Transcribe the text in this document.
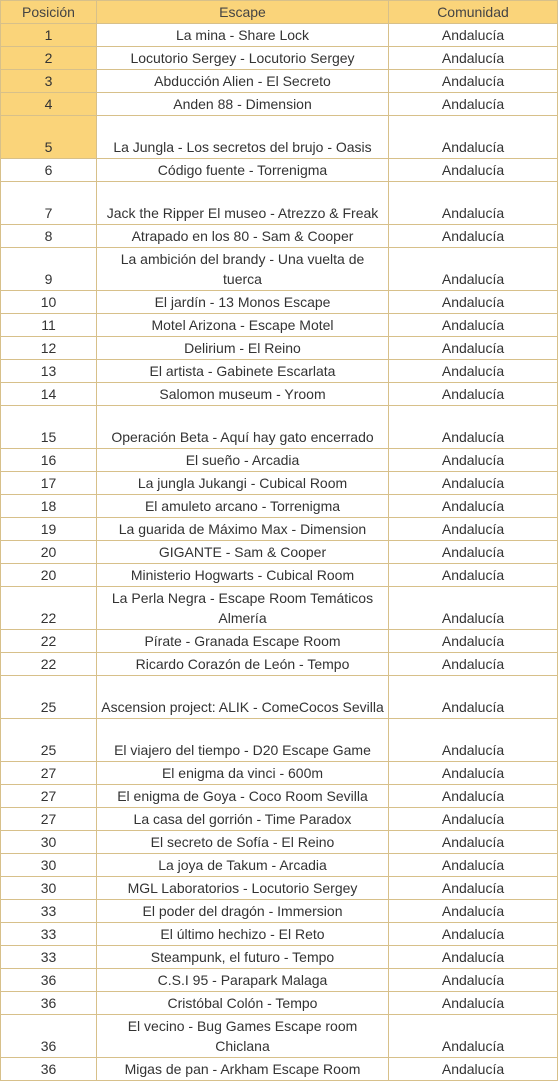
Posición	Escape	Comunidad
1	La mina - Share Lock	Andalucía
2	Locutorio Sergey - Locutorio Sergey	Andalucía
3	Abducción Alien - El Secreto	Andalucía
4	Anden 88 - Dimension	Andalucía
5	La Jungla - Los secretos del brujo - Oasis	Andalucía
6	Código fuente - Torrenigma	Andalucía
7	Jack the Ripper El museo - Atrezzo & Freak	Andalucía
8	Atrapado en los 80 - Sam & Cooper	Andalucía
9	La ambición del brandy - Una vuelta de tuerca	Andalucía
10	El jardín - 13 Monos Escape	Andalucía
11	Motel Arizona - Escape Motel	Andalucía
12	Delirium - El Reino	Andalucía
13	El artista - Gabinete Escarlata	Andalucía
14	Salomon museum - Yroom	Andalucía
15	Operación Beta - Aquí hay gato encerrado	Andalucía
16	El sueño - Arcadia	Andalucía
17	La jungla Jukangi - Cubical Room	Andalucía
18	El amuleto arcano - Torrenigma	Andalucía
19	La guarida de Máximo Max - Dimension	Andalucía
20	GIGANTE - Sam & Cooper	Andalucía
20	Ministerio Hogwarts - Cubical Room	Andalucía
22	La Perla Negra - Escape Room Temáticos Almería	Andalucía
22	Pírate - Granada Escape Room	Andalucía
22	Ricardo Corazón de León - Tempo	Andalucía
25	Ascension project: ALIK - ComeCocos Sevilla	Andalucía
25	El viajero del tiempo - D20 Escape Game	Andalucía
27	El enigma da vinci - 600m	Andalucía
27	El enigma de Goya - Coco Room Sevilla	Andalucía
27	La casa del gorrión - Time Paradox	Andalucía
30	El secreto de Sofía - El Reino	Andalucía
30	La joya de Takum - Arcadia	Andalucía
30	MGL Laboratorios - Locutorio Sergey	Andalucía
33	El poder del dragón - Immersion	Andalucía
33	El último hechizo - El Reto	Andalucía
33	Steampunk, el futuro - Tempo	Andalucía
36	C.S.I 95 - Parapark Malaga	Andalucía
36	Cristóbal Colón - Tempo	Andalucía
36	El vecino - Bug Games Escape room Chiclana	Andalucía
36	Migas de pan - Arkham Escape Room	Andalucía
